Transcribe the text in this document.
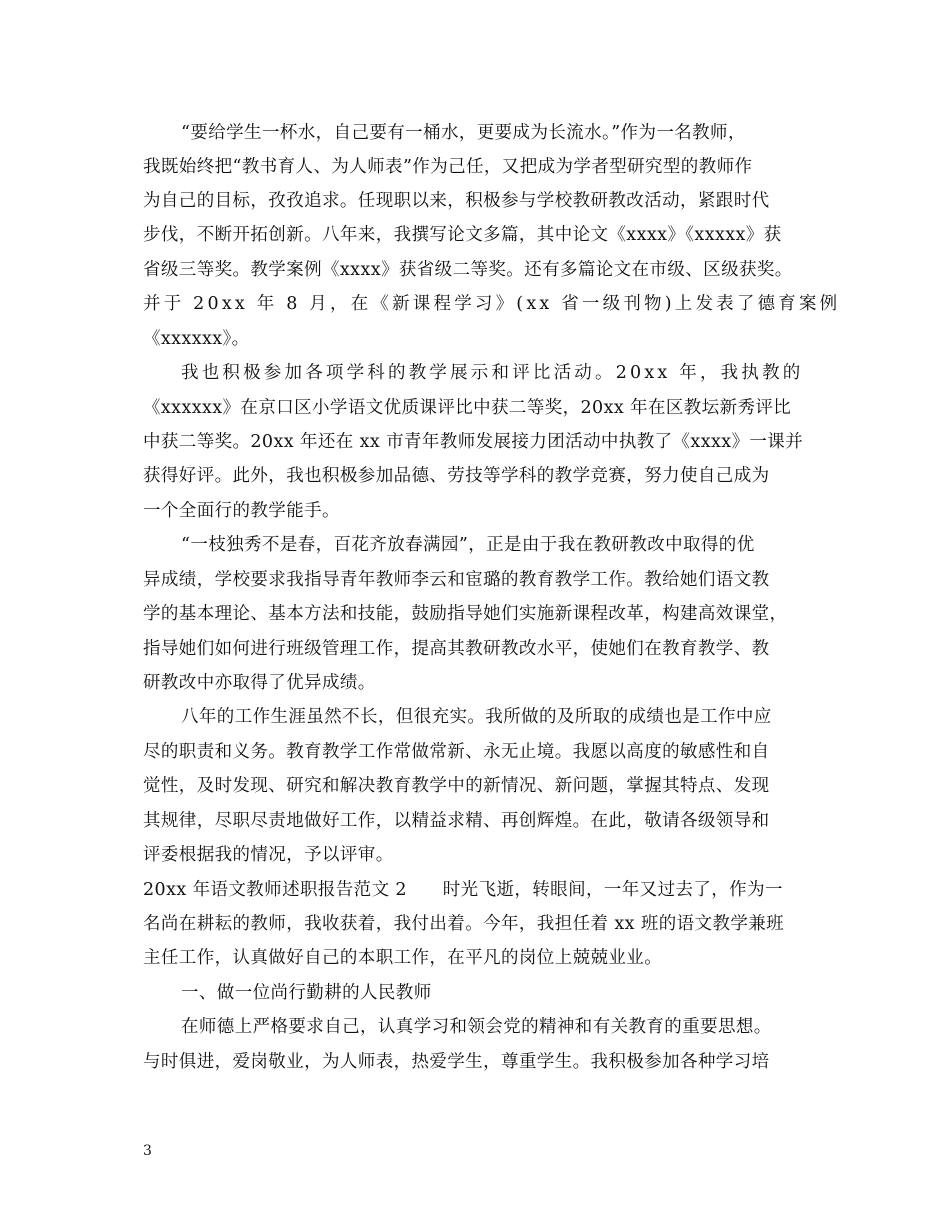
“要给学生一杯水，自己要有一桶水，更要成为长流水。”作为一名教师，
我既始终把“教书育人、为人师表”作为己任，又把成为学者型研究型的教师作
为自己的目标，孜孜追求。任现职以来，积极参与学校教研教改活动，紧跟时代
步伐，不断开拓创新。八年来，我撰写论文多篇，其中论文《xxxx》《xxxxx》获
省级三等奖。教学案例《xxxx》获省级二等奖。还有多篇论文在市级、区级获奖。
并于 20xx 年 8 月，在《新课程学习》(xx 省一级刊物)上发表了德育案例
《xxxxxx》。
我也积极参加各项学科的教学展示和评比活动。20xx 年，我执教的
《xxxxxx》在京口区小学语文优质课评比中获二等奖，20xx 年在区教坛新秀评比
中获二等奖。20xx 年还在 xx 市青年教师发展接力团活动中执教了《xxxx》一课并
获得好评。此外，我也积极参加品德、劳技等学科的教学竞赛，努力使自己成为
一个全面行的教学能手。
“一枝独秀不是春，百花齐放春满园”，正是由于我在教研教改中取得的优
异成绩，学校要求我指导青年教师李云和宦璐的教育教学工作。教给她们语文教
学的基本理论、基本方法和技能，鼓励指导她们实施新课程改革，构建高效课堂，
指导她们如何进行班级管理工作，提高其教研教改水平，使她们在教育教学、教
研教改中亦取得了优异成绩。
八年的工作生涯虽然不长，但很充实。我所做的及所取的成绩也是工作中应
尽的职责和义务。教育教学工作常做常新、永无止境。我愿以高度的敏感性和自
觉性，及时发现、研究和解决教育教学中的新情况、新问题，掌握其特点、发现
其规律，尽职尽责地做好工作，以精益求精、再创辉煌。在此，敬请各级领导和
评委根据我的情况，予以评审。
20xx 年语文教师述职报告范文 2　　时光飞逝，转眼间，一年又过去了，作为一
名尚在耕耘的教师，我收获着，我付出着。今年，我担任着 xx 班的语文教学兼班
主任工作，认真做好自己的本职工作，在平凡的岗位上兢兢业业。
一、做一位尚行勤耕的人民教师
在师德上严格要求自己，认真学习和领会党的精神和有关教育的重要思想。
与时俱进，爱岗敬业，为人师表，热爱学生，尊重学生。我积极参加各种学习培
3
